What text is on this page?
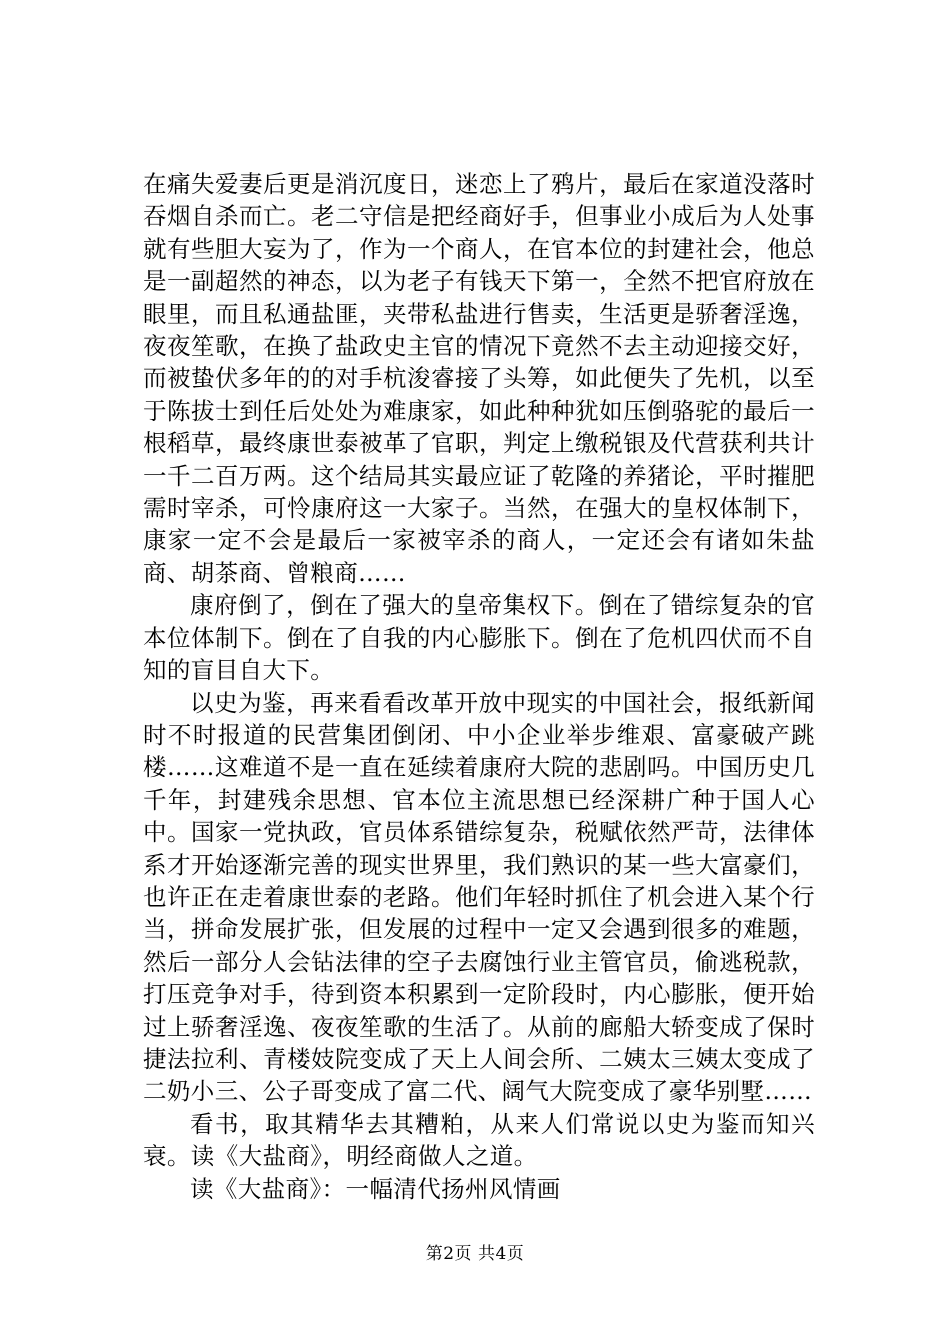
在痛失爱妻后更是消沉度日，迷恋上了鸦片，最后在家道没落时吞烟自杀而亡。老二守信是把经商好手，但事业小成后为人处事就有些胆大妄为了，作为一个商人，在官本位的封建社会，他总是一副超然的神态，以为老子有钱天下第一，全然不把官府放在眼里，而且私通盐匪，夹带私盐进行售卖，生活更是骄奢淫逸，夜夜笙歌，在换了盐政史主官的情况下竟然不去主动迎接交好，而被蛰伏多年的的对手杭浚睿接了头筹，如此便失了先机，以至于陈拔士到任后处处为难康家，如此种种犹如压倒骆驼的最后一根稻草，最终康世泰被革了官职，判定上缴税银及代营获利共计一千二百万两。这个结局其实最应证了乾隆的养猪论，平时摧肥需时宰杀，可怜康府这一大家子。当然，在强大的皇权体制下，康家一定不会是最后一家被宰杀的商人，一定还会有诸如朱盐商、胡茶商、曾粮商……

康府倒了，倒在了强大的皇帝集权下。倒在了错综复杂的官本位体制下。倒在了自我的内心膨胀下。倒在了危机四伏而不自知的盲目自大下。

以史为鉴，再来看看改革开放中现实的中国社会，报纸新闻时不时报道的民营集团倒闭、中小企业举步维艰、富豪破产跳楼……这难道不是一直在延续着康府大院的悲剧吗。中国历史几千年，封建残余思想、官本位主流思想已经深耕广种于国人心中。国家一党执政，官员体系错综复杂，税赋依然严苛，法律体系才开始逐渐完善的现实世界里，我们熟识的某一些大富豪们，也许正在走着康世泰的老路。他们年轻时抓住了机会进入某个行当，拼命发展扩张，但发展的过程中一定又会遇到很多的难题，然后一部分人会钻法律的空子去腐蚀行业主管官员，偷逃税款，打压竞争对手，待到资本积累到一定阶段时，内心膨胀，便开始过上骄奢淫逸、夜夜笙歌的生活了。从前的廊船大轿变成了保时捷法拉利、青楼妓院变成了天上人间会所、二姨太三姨太变成了二奶小三、公子哥变成了富二代、阔气大院变成了豪华别墅……

看书，取其精华去其糟粕，从来人们常说以史为鉴而知兴衰。读《大盐商》，明经商做人之道。

读《大盐商》：一幅清代扬州风情画

第2页 共4页
